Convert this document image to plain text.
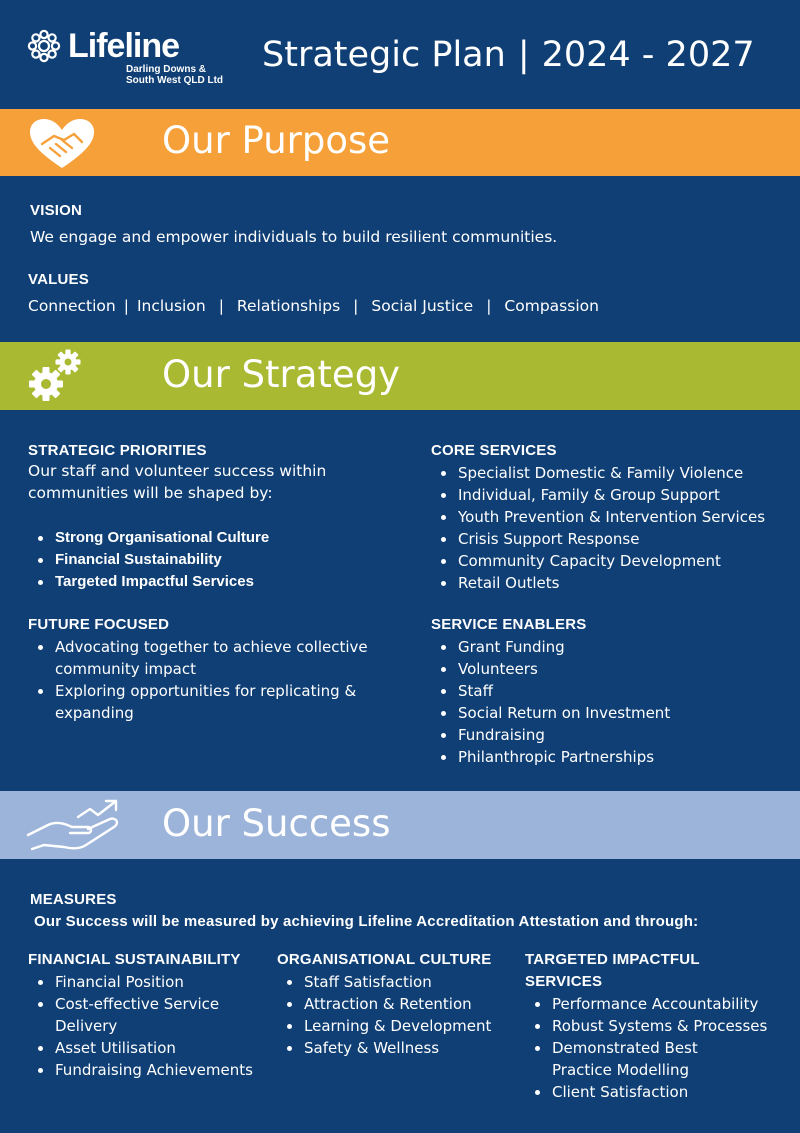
Lifeline
Darling Downs &
South West QLD Ltd
Strategic Plan | 2024 - 2027
Our Purpose
VISION
We engage and empower individuals to build resilient communities.
VALUES
Connection | Inclusion | Relationships | Social Justice | Compassion
Our Strategy
STRATEGIC PRIORITIES
Our staff and volunteer success within
communities will be shaped by:
Strong Organisational Culture
Financial Sustainability
Targeted Impactful Services
FUTURE FOCUSED
Advocating together to achieve collective
community impact
Exploring opportunities for replicating &
expanding
CORE SERVICES
Specialist Domestic & Family Violence
Individual, Family & Group Support
Youth Prevention & Intervention Services
Crisis Support Response
Community Capacity Development
Retail Outlets
SERVICE ENABLERS
Grant Funding
Volunteers
Staff
Social Return on Investment
Fundraising
Philanthropic Partnerships
Our Success
MEASURES
Our Success will be measured by achieving Lifeline Accreditation Attestation and through:
FINANCIAL SUSTAINABILITY
Financial Position
Cost-effective Service Delivery
Asset Utilisation
Fundraising Achievements
ORGANISATIONAL CULTURE
Staff Satisfaction
Attraction & Retention
Learning & Development
Safety & Wellness
TARGETED IMPACTFUL
SERVICES
Performance Accountability
Robust Systems & Processes
Demonstrated Best Practice Modelling
Client Satisfaction
